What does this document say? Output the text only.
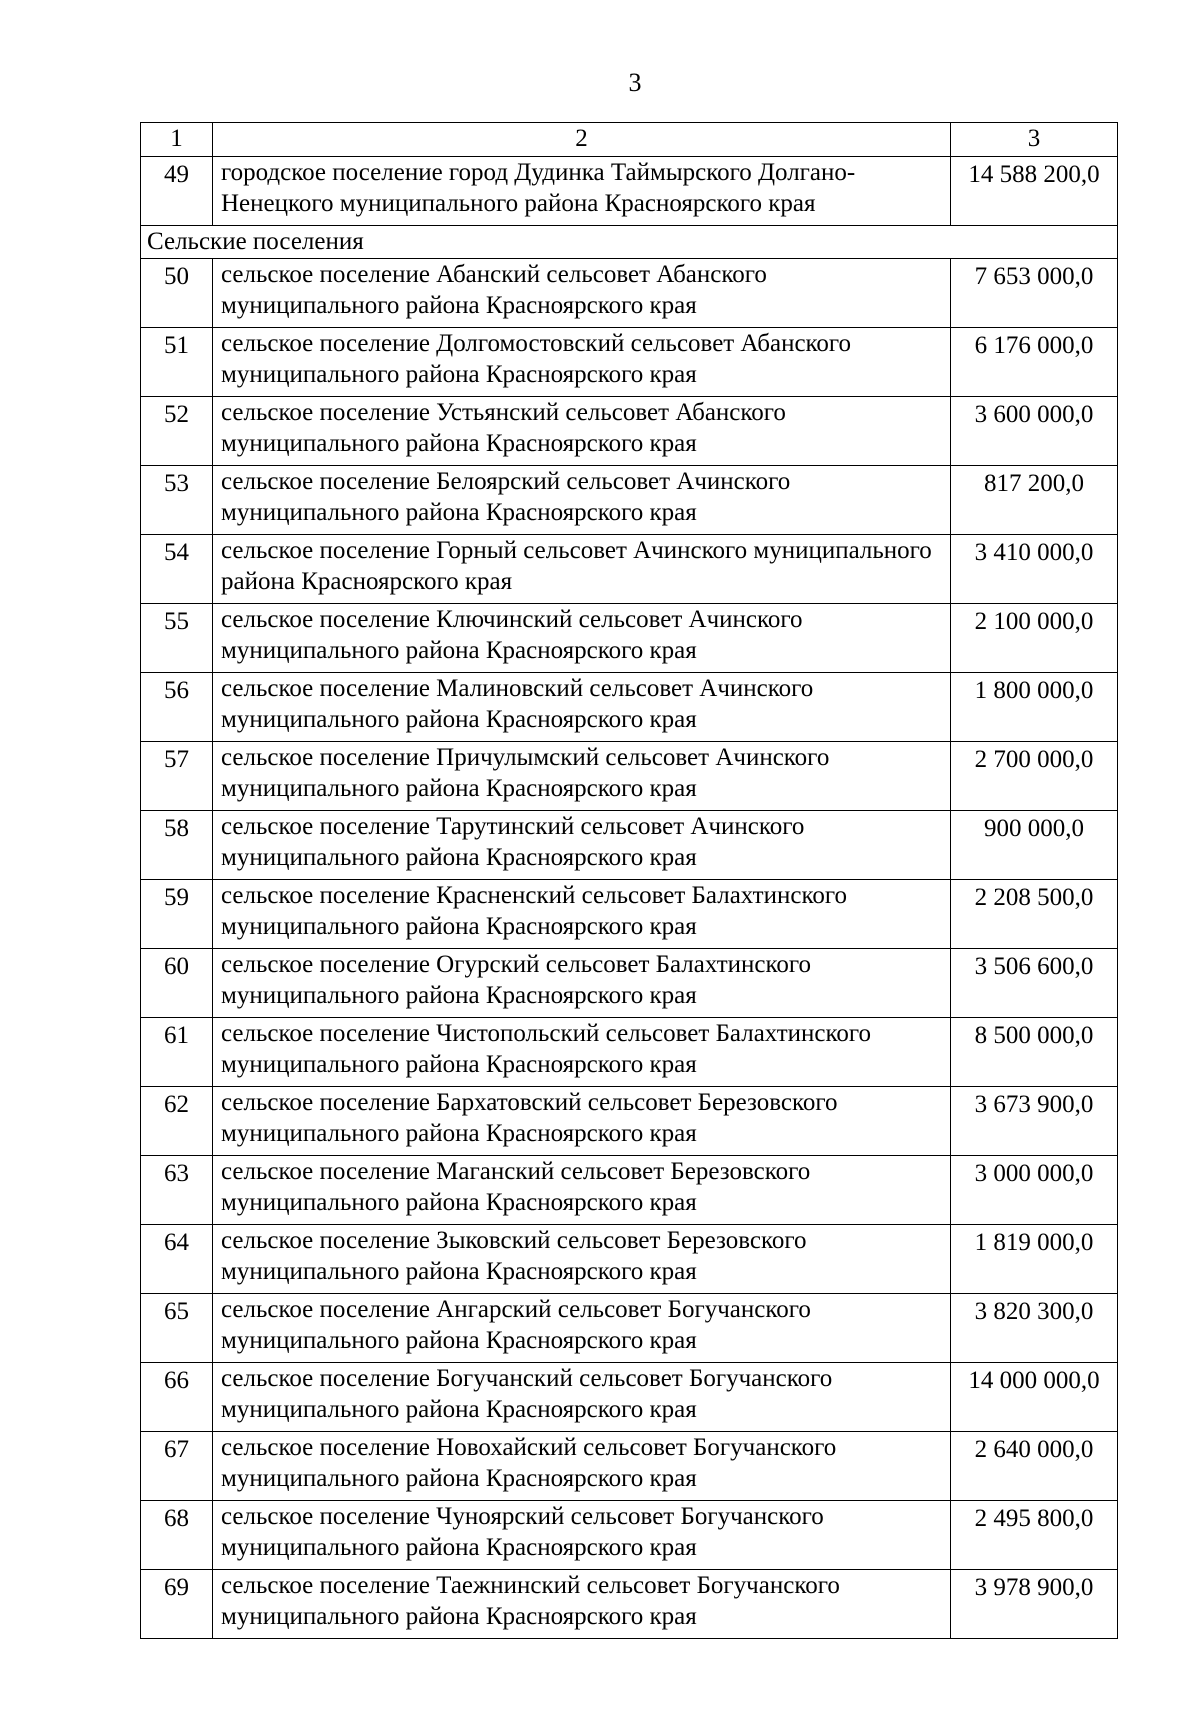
3
1	2	3
49	городское поселение город Дудинка Таймырского Долгано-Ненецкого муниципального района Красноярского края	14 588 200,0
Сельские поселения		
50	сельское поселение Абанский сельсовет Абанского муниципального района Красноярского края	7 653 000,0
51	сельское поселение Долгомостовский сельсовет Абанского муниципального района Красноярского края	6 176 000,0
52	сельское поселение Устьянский сельсовет Абанского муниципального района Красноярского края	3 600 000,0
53	сельское поселение Белоярский сельсовет Ачинского муниципального района Красноярского края	817 200,0
54	сельское поселение Горный сельсовет Ачинского муниципального района Красноярского края	3 410 000,0
55	сельское поселение Ключинский сельсовет Ачинского муниципального района Красноярского края	2 100 000,0
56	сельское поселение Малиновский сельсовет Ачинского муниципального района Красноярского края	1 800 000,0
57	сельское поселение Причулымский сельсовет Ачинского муниципального района Красноярского края	2 700 000,0
58	сельское поселение Тарутинский сельсовет Ачинского муниципального района Красноярского края	900 000,0
59	сельское поселение Красненский сельсовет Балахтинского муниципального района Красноярского края	2 208 500,0
60	сельское поселение Огурский сельсовет Балахтинского муниципального района Красноярского края	3 506 600,0
61	сельское поселение Чистопольский сельсовет Балахтинского муниципального района Красноярского края	8 500 000,0
62	сельское поселение Бархатовский сельсовет Березовского муниципального района Красноярского края	3 673 900,0
63	сельское поселение Маганский сельсовет Березовского муниципального района Красноярского края	3 000 000,0
64	сельское поселение Зыковский сельсовет Березовского муниципального района Красноярского края	1 819 000,0
65	сельское поселение Ангарский сельсовет Богучанского муниципального района Красноярского края	3 820 300,0
66	сельское поселение Богучанский сельсовет Богучанского муниципального района Красноярского края	14 000 000,0
67	сельское поселение Новохайский сельсовет Богучанского муниципального района Красноярского края	2 640 000,0
68	сельское поселение Чуноярский сельсовет Богучанского муниципального района Красноярского края	2 495 800,0
69	сельское поселение Таежнинский сельсовет Богучанского муниципального района Красноярского края	3 978 900,0
